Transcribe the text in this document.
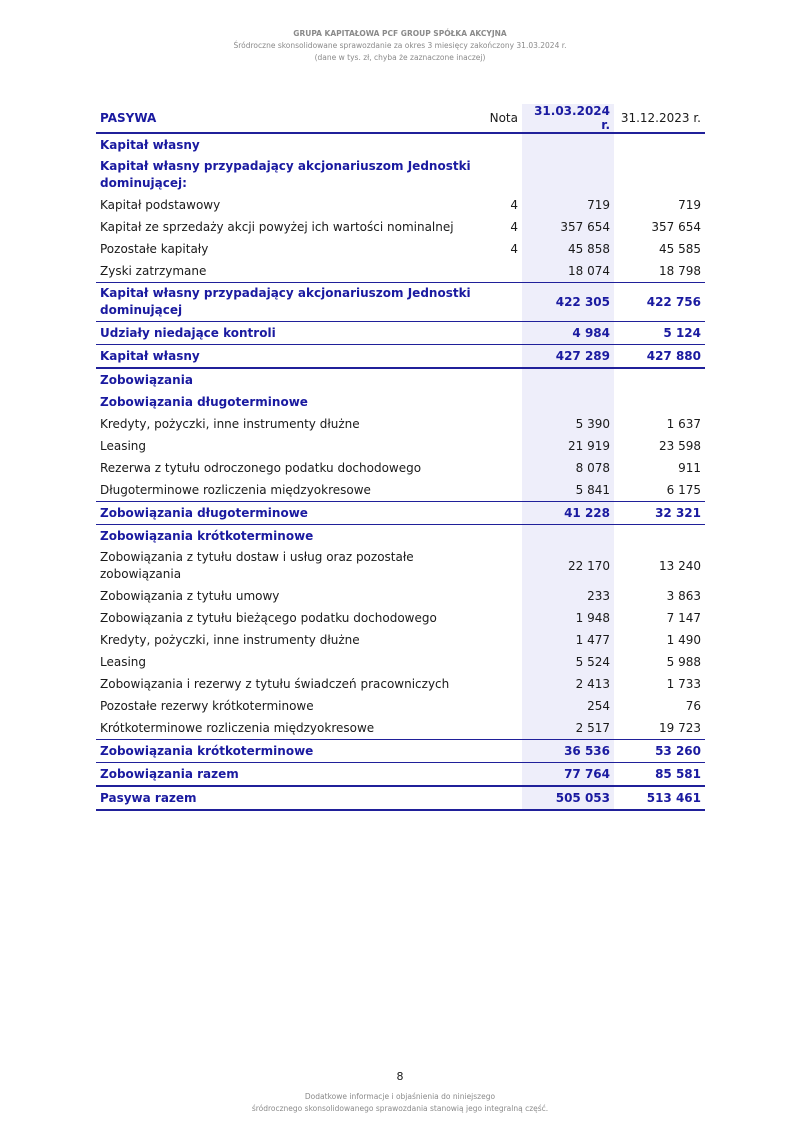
GRUPA KAPITAŁOWA PCF GROUP SPÓŁKA AKCYJNA
Śródroczne skonsolidowane sprawozdanie za okres 3 miesięcy zakończony 31.03.2024 r.
(dane w tys. zł, chyba że zaznaczone inaczej)
PASYWA	Nota	31.03.2024 r.	31.12.2023 r.
Kapitał własny			
Kapitał własny przypadający akcjonariuszom Jednostki dominującej:			
Kapitał podstawowy	4	719	719
Kapitał ze sprzedaży akcji powyżej ich wartości nominalnej	4	357 654	357 654
Pozostałe kapitały	4	45 858	45 585
Zyski zatrzymane		18 074	18 798
Kapitał własny przypadający akcjonariuszom Jednostki dominującej		422 305	422 756
Udziały niedające kontroli		4 984	5 124
Kapitał własny		427 289	427 880
Zobowiązania			
Zobowiązania długoterminowe			
Kredyty, pożyczki, inne instrumenty dłużne		5 390	1 637
Leasing		21 919	23 598
Rezerwa z tytułu odroczonego podatku dochodowego		8 078	911
Długoterminowe rozliczenia międzyokresowe		5 841	6 175
Zobowiązania długoterminowe		41 228	32 321
Zobowiązania krótkoterminowe			
Zobowiązania z tytułu dostaw i usług oraz pozostałe zobowiązania		22 170	13 240
Zobowiązania z tytułu umowy		233	3 863
Zobowiązania z tytułu bieżącego podatku dochodowego		1 948	7 147
Kredyty, pożyczki, inne instrumenty dłużne		1 477	1 490
Leasing		5 524	5 988
Zobowiązania i rezerwy z tytułu świadczeń pracowniczych		2 413	1 733
Pozostałe rezerwy krótkoterminowe		254	76
Krótkoterminowe rozliczenia międzyokresowe		2 517	19 723
Zobowiązania krótkoterminowe		36 536	53 260
Zobowiązania razem		77 764	85 581
Pasywa razem		505 053	513 461
8
Dodatkowe informacje i objaśnienia do niniejszego
śródrocznego skonsolidowanego sprawozdania stanowią jego integralną część.
